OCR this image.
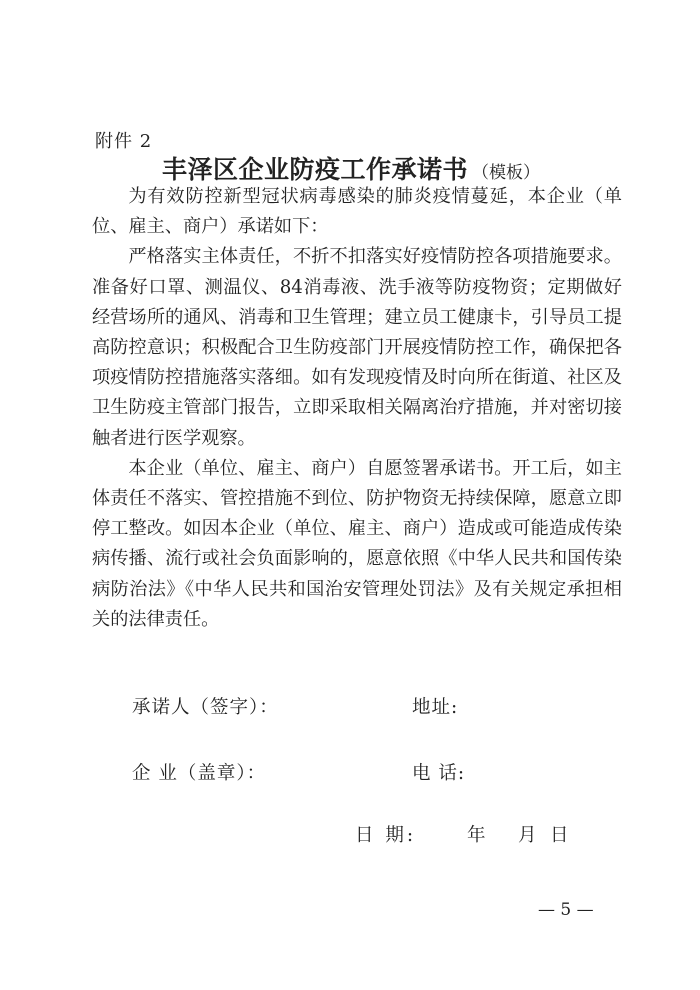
附件 2
丰泽区企业防疫工作承诺书 （模板）

为有效防控新型冠状病毒感染的肺炎疫情蔓延，本企业（单位、雇主、商户）承诺如下：

严格落实主体责任，不折不扣落实好疫情防控各项措施要求。准备好口罩、测温仪、84消毒液、洗手液等防疫物资；定期做好经营场所的通风、消毒和卫生管理；建立员工健康卡，引导员工提高防控意识；积极配合卫生防疫部门开展疫情防控工作，确保把各项疫情防控措施落实落细。如有发现疫情及时向所在街道、社区及卫生防疫主管部门报告，立即采取相关隔离治疗措施，并对密切接触者进行医学观察。

本企业（单位、雇主、商户）自愿签署承诺书。开工后，如主体责任不落实、管控措施不到位、防护物资无持续保障，愿意立即停工整改。如因本企业（单位、雇主、商户）造成或可能造成传染病传播、流行或社会负面影响的，愿意依照《中华人民共和国传染病防治法》《中华人民共和国治安管理处罚法》及有关规定承担相关的法律责任。

承诺人（签字）：	地址:
企 业（盖章）：	电 话:
日 期:	年 月 日
— 5 —
